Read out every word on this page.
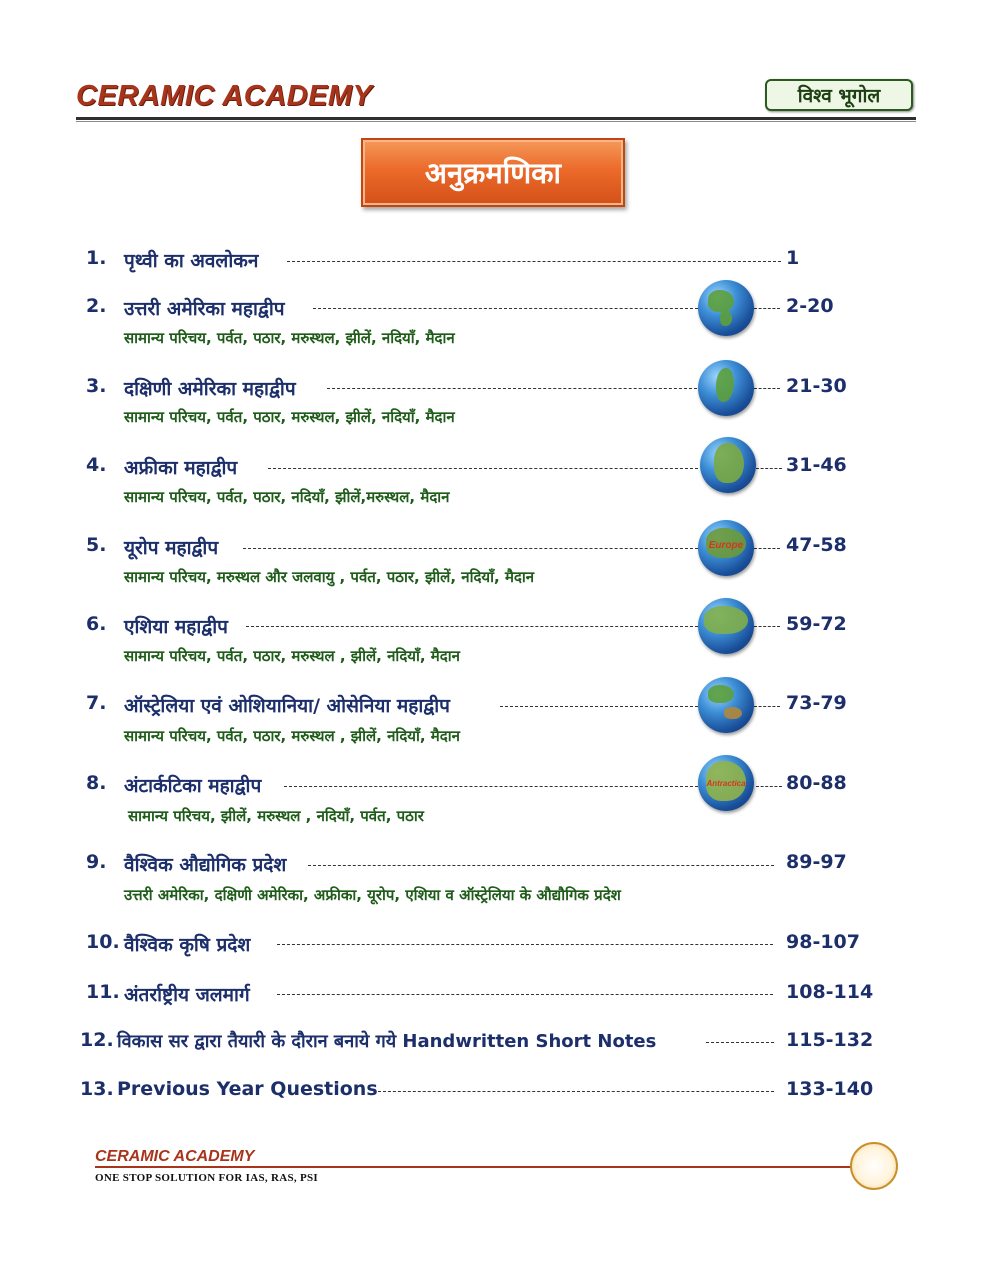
CERAMIC ACADEMY	विश्व भूगोल
अनुक्रमणिका
1. पृथ्वी का अवलोकन	1
2. उत्तरी अमेरिका महाद्वीप	2-20
सामान्य परिचय, पर्वत, पठार, मरुस्थल, झीलें, नदियाँ, मैदान
3. दक्षिणी अमेरिका महाद्वीप	21-30
सामान्य परिचय, पर्वत, पठार, मरुस्थल, झीलें, नदियाँ, मैदान
4. अफ्रीका महाद्वीप	31-46
सामान्य परिचय, पर्वत, पठार, नदियाँ, झीलें,मरुस्थल, मैदान
5. यूरोप महाद्वीप	47-58
सामान्य परिचय, मरुस्थल और जलवायु , पर्वत, पठार, झीलें, नदियाँ, मैदान
Europe
6. एशिया महाद्वीप	59-72
सामान्य परिचय, पर्वत, पठार, मरुस्थल , झीलें, नदियाँ, मैदान
7. ऑस्ट्रेलिया एवं ओशियानिया/ ओसेनिया महाद्वीप	73-79
सामान्य परिचय, पर्वत, पठार, मरुस्थल , झीलें, नदियाँ, मैदान
8. अंटार्कटिका महाद्वीप	80-88
सामान्य परिचय, झीलें, मरुस्थल , नदियाँ, पर्वत, पठार
Antractica
9. वैश्विक औद्योगिक प्रदेश	89-97
उत्तरी अमेरिका, दक्षिणी अमेरिका, अफ्रीका, यूरोप, एशिया व ऑस्ट्रेलिया के औद्यौगिक प्रदेश
10. वैश्विक कृषि प्रदेश	98-107
11. अंतर्राष्ट्रीय जलमार्ग	108-114
12. विकास सर द्वारा तैयारी के दौरान बनाये गये Handwritten Short Notes	115-132
13. Previous Year Questions	133-140
CERAMIC ACADEMY
ONE STOP SOLUTION FOR IAS, RAS, PSI
